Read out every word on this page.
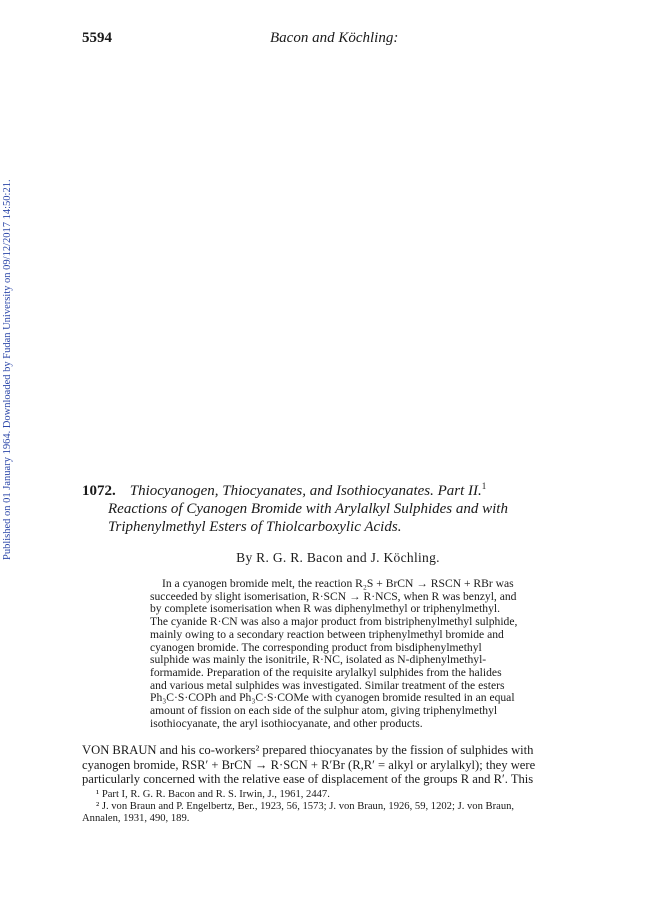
5594	Bacon and Köchling:
Published on 01 January 1964. Downloaded by Fudan University on 09/12/2017 14:50:21.	1072. Thiocyanogen, Thiocyanates, and Isothiocyanates. Part II.$^1$
Reactions of Cyanogen Bromide with Arylalkyl Sulphides and with
Triphenylmethyl Esters of Thiolcarboxylic Acids.
By R. G. R. Bacon and J. Köchling.
In a cyanogen bromide melt, the reaction R₂S + BrCN → RSCN + RBr was
succeeded by slight isomerisation, R·SCN → R·NCS, when R was benzyl, and
by complete isomerisation when R was diphenylmethyl or triphenylmethyl.
The cyanide R·CN was also a major product from bistriphenylmethyl sulphide,
mainly owing to a secondary reaction between triphenylmethyl bromide and
cyanogen bromide. The corresponding product from bisdiphenylmethyl
sulphide was mainly the isonitrile, R·NC, isolated as N-diphenylmethyl-
formamide. Preparation of the requisite arylalkyl sulphides from the halides
and various metal sulphides was investigated. Similar treatment of the esters
Ph₃C·S·COPh and Ph₃C·S·COMe with cyanogen bromide resulted in an equal
amount of fission on each side of the sulphur atom, giving triphenylmethyl
isothiocyanate, the aryl isothiocyanate, and other products.
VON BRAUN and his co-workers² prepared thiocyanates by the fission of sulphides with
cyanogen bromide, RSR′ + BrCN → R·SCN + R′Br (R,R′ = alkyl or arylalkyl); they were
particularly concerned with the relative ease of displacement of the groups R and R′. This
¹ Part I, R. G. R. Bacon and R. S. Irwin, J., 1961, 2447.
² J. von Braun and P. Engelbertz, Ber., 1923, 56, 1573; J. von Braun, 1926, 59, 1202; J. von Braun,
Annalen, 1931, 490, 189.
